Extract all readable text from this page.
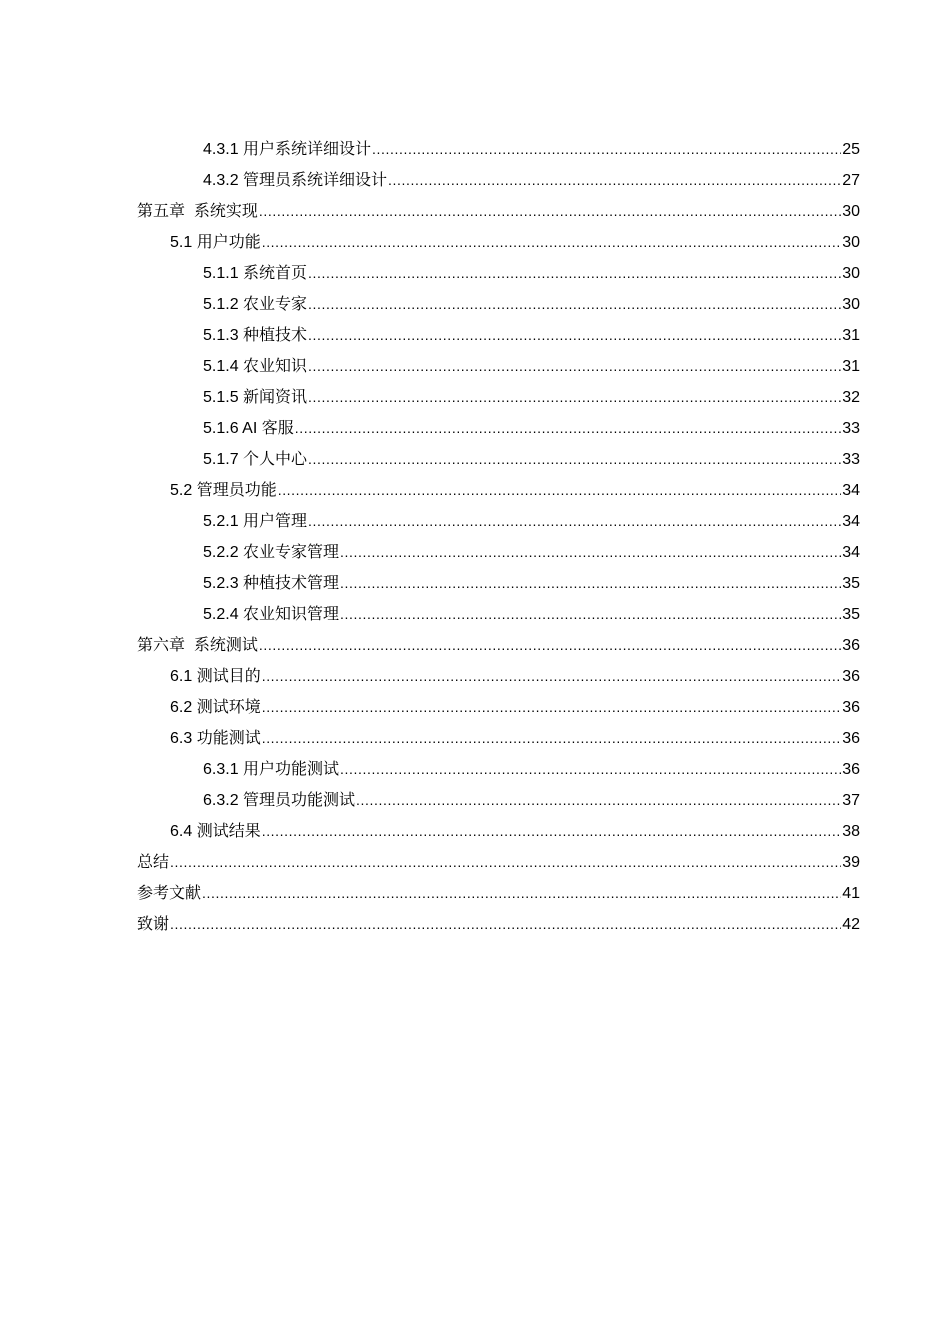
4.3.1 用户系统详细设计 .....	25
4.3.2 管理员系统详细设计 .....	27
第五章  系统实现 .....	30
5.1 用户功能 .....	30
5.1.1 系统首页 .....	30
5.1.2 农业专家 .....	30
5.1.3 种植技术 .....	31
5.1.4 农业知识 .....	31
5.1.5 新闻资讯 .....	32
5.1.6 AI 客服 .....	33
5.1.7 个人中心 .....	33
5.2 管理员功能 .....	34
5.2.1 用户管理 .....	34
5.2.2 农业专家管理 .....	34
5.2.3 种植技术管理 .....	35
5.2.4 农业知识管理 .....	35
第六章  系统测试 .....	36
6.1 测试目的 .....	36
6.2 测试环境 .....	36
6.3 功能测试 .....	36
6.3.1 用户功能测试 .....	36
6.3.2 管理员功能测试 .....	37
6.4 测试结果 .....	38
总结 .....	39
参考文献 .....	41
致谢 .....	42
